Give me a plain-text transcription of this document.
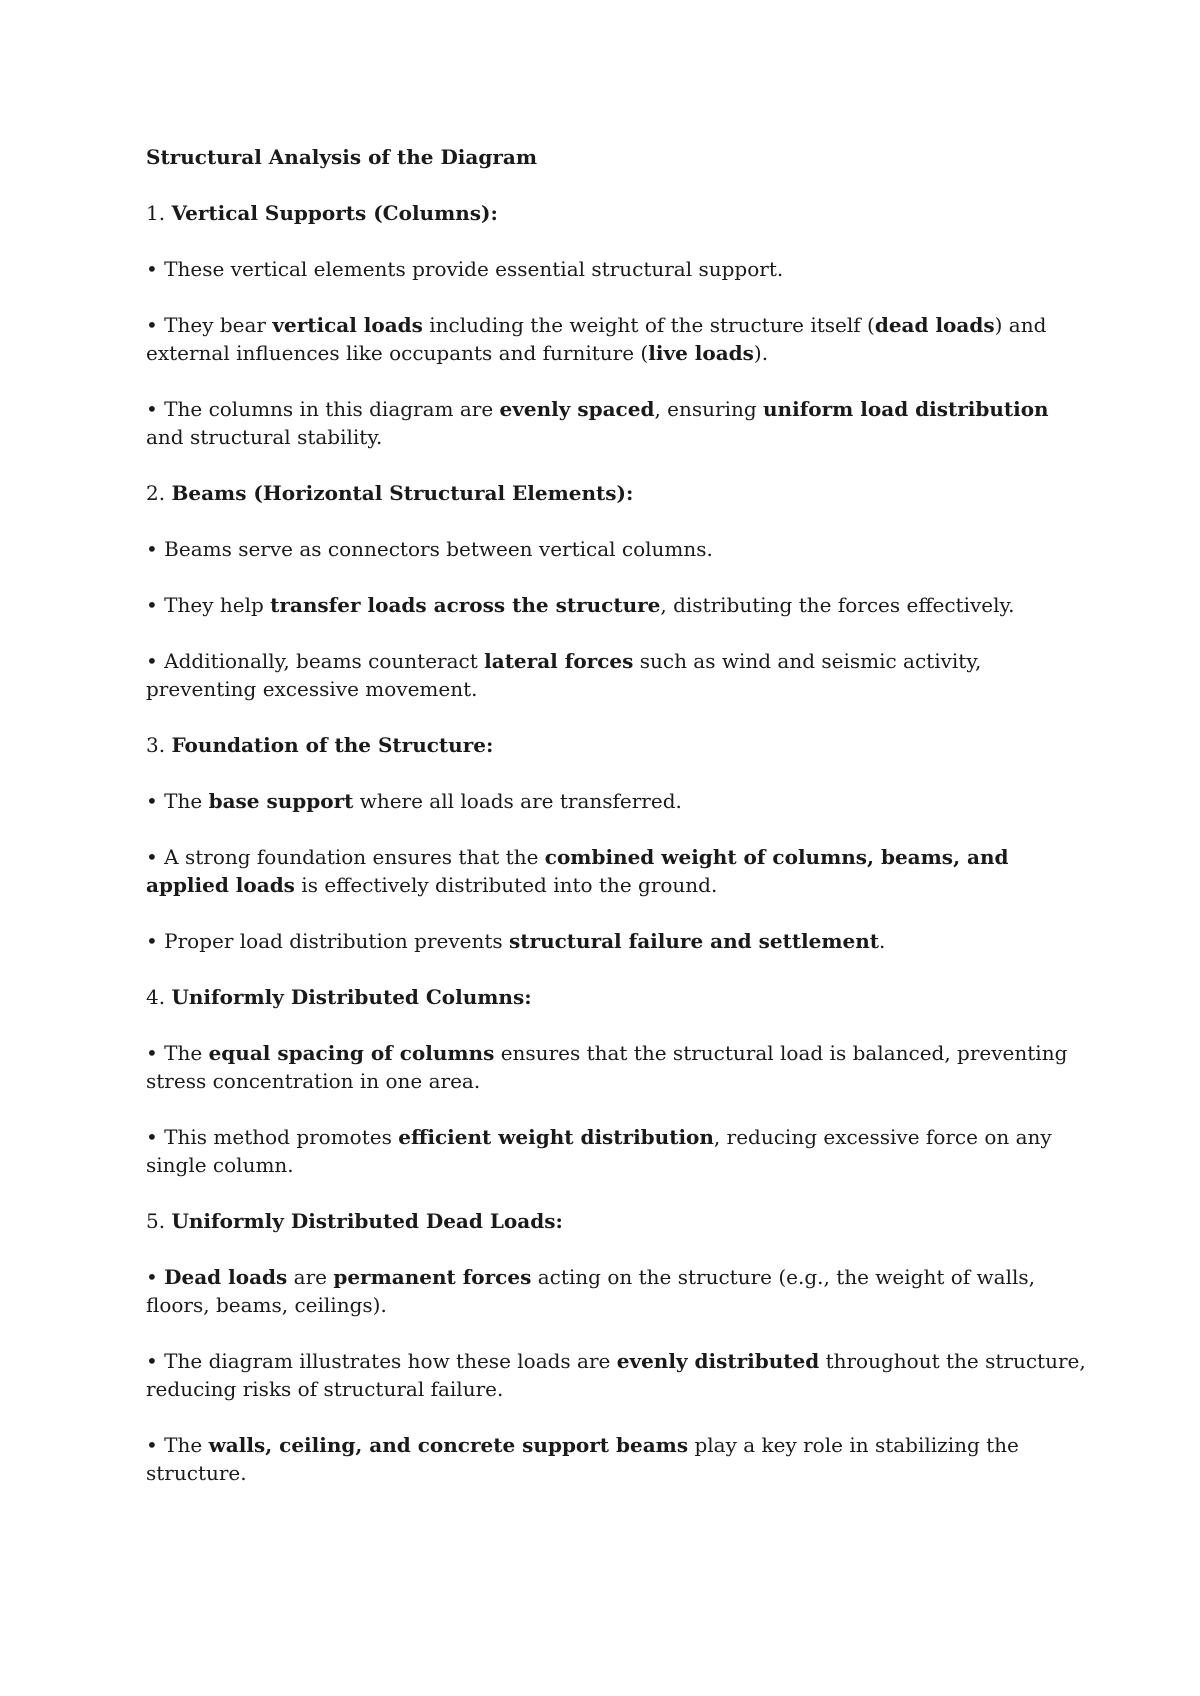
Structural Analysis of the Diagram

1. Vertical Supports (Columns):

• These vertical elements provide essential structural support.

• They bear vertical loads including the weight of the structure itself (dead loads) and external influences like occupants and furniture (live loads).

• The columns in this diagram are evenly spaced, ensuring uniform load distribution and structural stability.

2. Beams (Horizontal Structural Elements):

• Beams serve as connectors between vertical columns.

• They help transfer loads across the structure, distributing the forces effectively.

• Additionally, beams counteract lateral forces such as wind and seismic activity, preventing excessive movement.

3. Foundation of the Structure:

• The base support where all loads are transferred.

• A strong foundation ensures that the combined weight of columns, beams, and applied loads is effectively distributed into the ground.

• Proper load distribution prevents structural failure and settlement.

4. Uniformly Distributed Columns:

• The equal spacing of columns ensures that the structural load is balanced, preventing stress concentration in one area.

• This method promotes efficient weight distribution, reducing excessive force on any single column.

5. Uniformly Distributed Dead Loads:

• Dead loads are permanent forces acting on the structure (e.g., the weight of walls, floors, beams, ceilings).

• The diagram illustrates how these loads are evenly distributed throughout the structure, reducing risks of structural failure.

• The walls, ceiling, and concrete support beams play a key role in stabilizing the structure.
